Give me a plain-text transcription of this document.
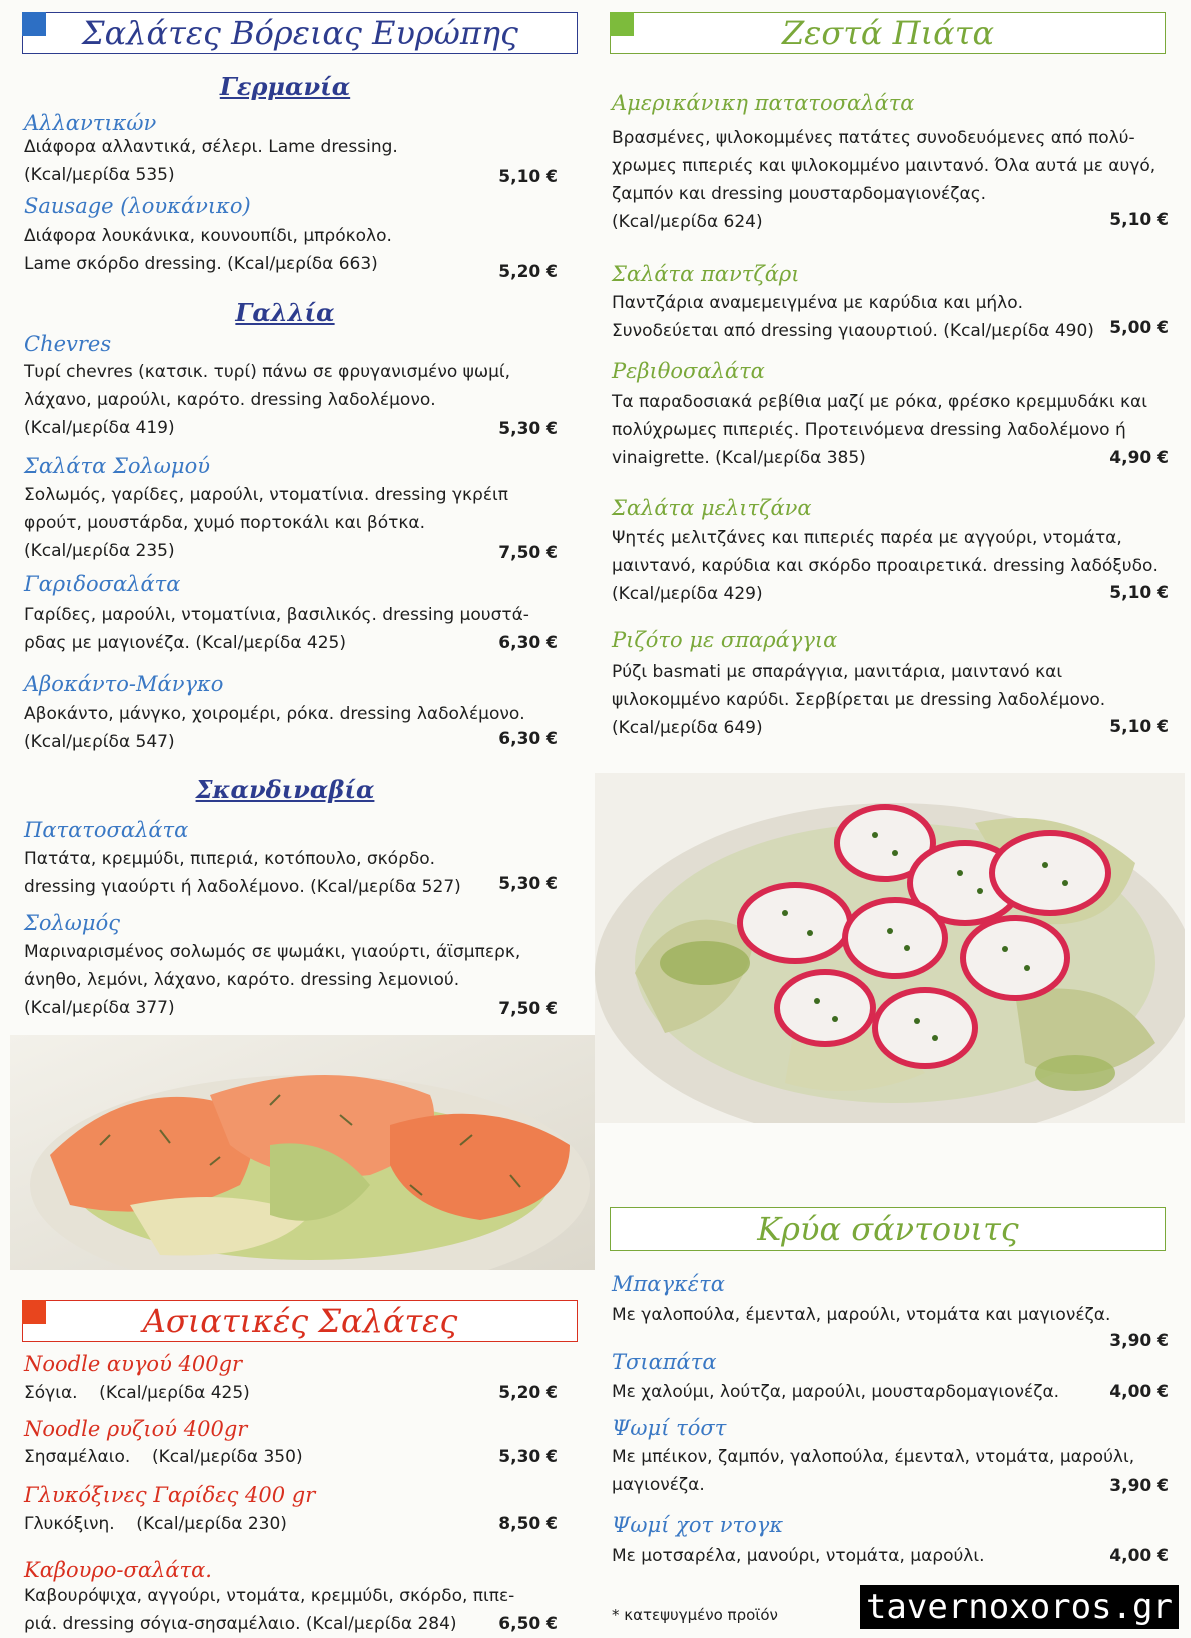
Σαλάτες Βόρειας Ευρώπης
Γερμανία
Αλλαντικών
Διάφορα αλλαντικά, σέλερι. Lame dressing.
(Kcal/μερίδα 535)	5,10 €
Sausage (λουκάνικο)
Διάφορα λουκάνικα, κουνουπίδι, μπρόκολο.
Lame σκόρδο dressing. (Kcal/μερίδα 663)	5,20 €
Γαλλία
Chevres
Τυρί chevres (κατσικ. τυρί) πάνω σε φρυγανισμένο ψωμί,
λάχανο, μαρούλι, καρότο. dressing λαδολέμονο.
(Kcal/μερίδα 419)	5,30 €
Σαλάτα Σολωμού
Σολωμός, γαρίδες, μαρούλι, ντοματίνια. dressing γκρέιπ
φρούτ, μουστάρδα, χυμό πορτοκάλι και βότκα.
(Kcal/μερίδα 235)	7,50 €
Γαριδοσαλάτα
Γαρίδες, μαρούλι, ντοματίνια, βασιλικός. dressing μουστά-
ρδας με μαγιονέζα. (Kcal/μερίδα 425)	6,30 €
Αβοκάντο-Μάνγκο
Αβοκάντο, μάνγκο, χοιρομέρι, ρόκα. dressing λαδολέμονο.
(Kcal/μερίδα 547)	6,30 €
Σκανδιναβία
Πατατοσαλάτα
Πατάτα, κρεμμύδι, πιπεριά, κοτόπουλο, σκόρδο.
dressing γιαούρτι ή λαδολέμονο. (Kcal/μερίδα 527)	5,30 €
Σολωμός
Μαριναρισμένος σολωμός σε ψωμάκι, γιαούρτι, άϊσμπερκ,
άνηθο, λεμόνι, λάχανο, καρότο. dressing λεμονιού.
(Kcal/μερίδα 377)	7,50 €
Ασιατικές Σαλάτες
Noodle αυγού 400gr
Σόγια.    (Kcal/μερίδα 425)	5,20 €
Noodle ρυζιού 400gr
Σησαμέλαιο.    (Kcal/μερίδα 350)	5,30 €
Γλυκόξινες Γαρίδες 400 gr
Γλυκόξινη.    (Kcal/μερίδα 230)	8,50 €
Καβουρο-σαλάτα.
Καβουρόψιχα, αγγούρι, ντομάτα, κρεμμύδι, σκόρδο, πιπε-
ριά. dressing σόγια-σησαμέλαιο. (Kcal/μερίδα 284)	6,50 €
Ζεστά Πιάτα
Αμερικάνικη πατατοσαλάτα
Βρασμένες, ψιλοκομμένες πατάτες συνοδευόμενες από πολύ-
χρωμες πιπεριές και ψιλοκομμένο μαιντανό. Όλα αυτά με αυγό,
ζαμπόν και dressing μουσταρδομαγιονέζας.
(Kcal/μερίδα 624)	5,10 €
Σαλάτα παντζάρι
Παντζάρια αναμεμειγμένα με καρύδια και μήλο.
Συνοδεύεται από dressing γιαουρτιού. (Kcal/μερίδα 490) 5,00 €
Ρεβιθοσαλάτα
Τα παραδοσιακά ρεβίθια μαζί με ρόκα, φρέσκο κρεμμυδάκι και
πολύχρωμες πιπεριές. Προτεινόμενα dressing λαδολέμονο ή
vinaigrette. (Kcal/μερίδα 385)	4,90 €
Σαλάτα μελιτζάνα
Ψητές μελιτζάνες και πιπεριές παρέα με αγγούρι, ντομάτα,
μαιντανό, καρύδια και σκόρδο προαιρετικά. dressing λαδόξυδο.
(Kcal/μερίδα 429)	5,10 €
Ριζότο με σπαράγγια
Ρύζι basmati με σπαράγγια, μανιτάρια, μαιντανό και
ψιλοκομμένο καρύδι. Σερβίρεται με dressing λαδολέμονο.
(Kcal/μερίδα 649)	5,10 €
Κρύα σάντουιτς
Μπαγκέτα
Με γαλοπούλα, έμενταλ, μαρούλι, ντομάτα και μαγιονέζα.
3,90 €
Τσιαπάτα
Με χαλούμι, λούτζα, μαρούλι, μουσταρδομαγιονέζα.	4,00 €
Ψωμί τόστ
Με μπέικον, ζαμπόν, γαλοπούλα, έμενταλ, ντομάτα, μαρούλι,
μαγιονέζα.	3,90 €
Ψωμί χοτ ντογκ
Με μοτσαρέλα, μανούρι, ντομάτα, μαρούλι.	4,00 €
* κατεψυγμένο προϊόν	tavernoxoros.gr
